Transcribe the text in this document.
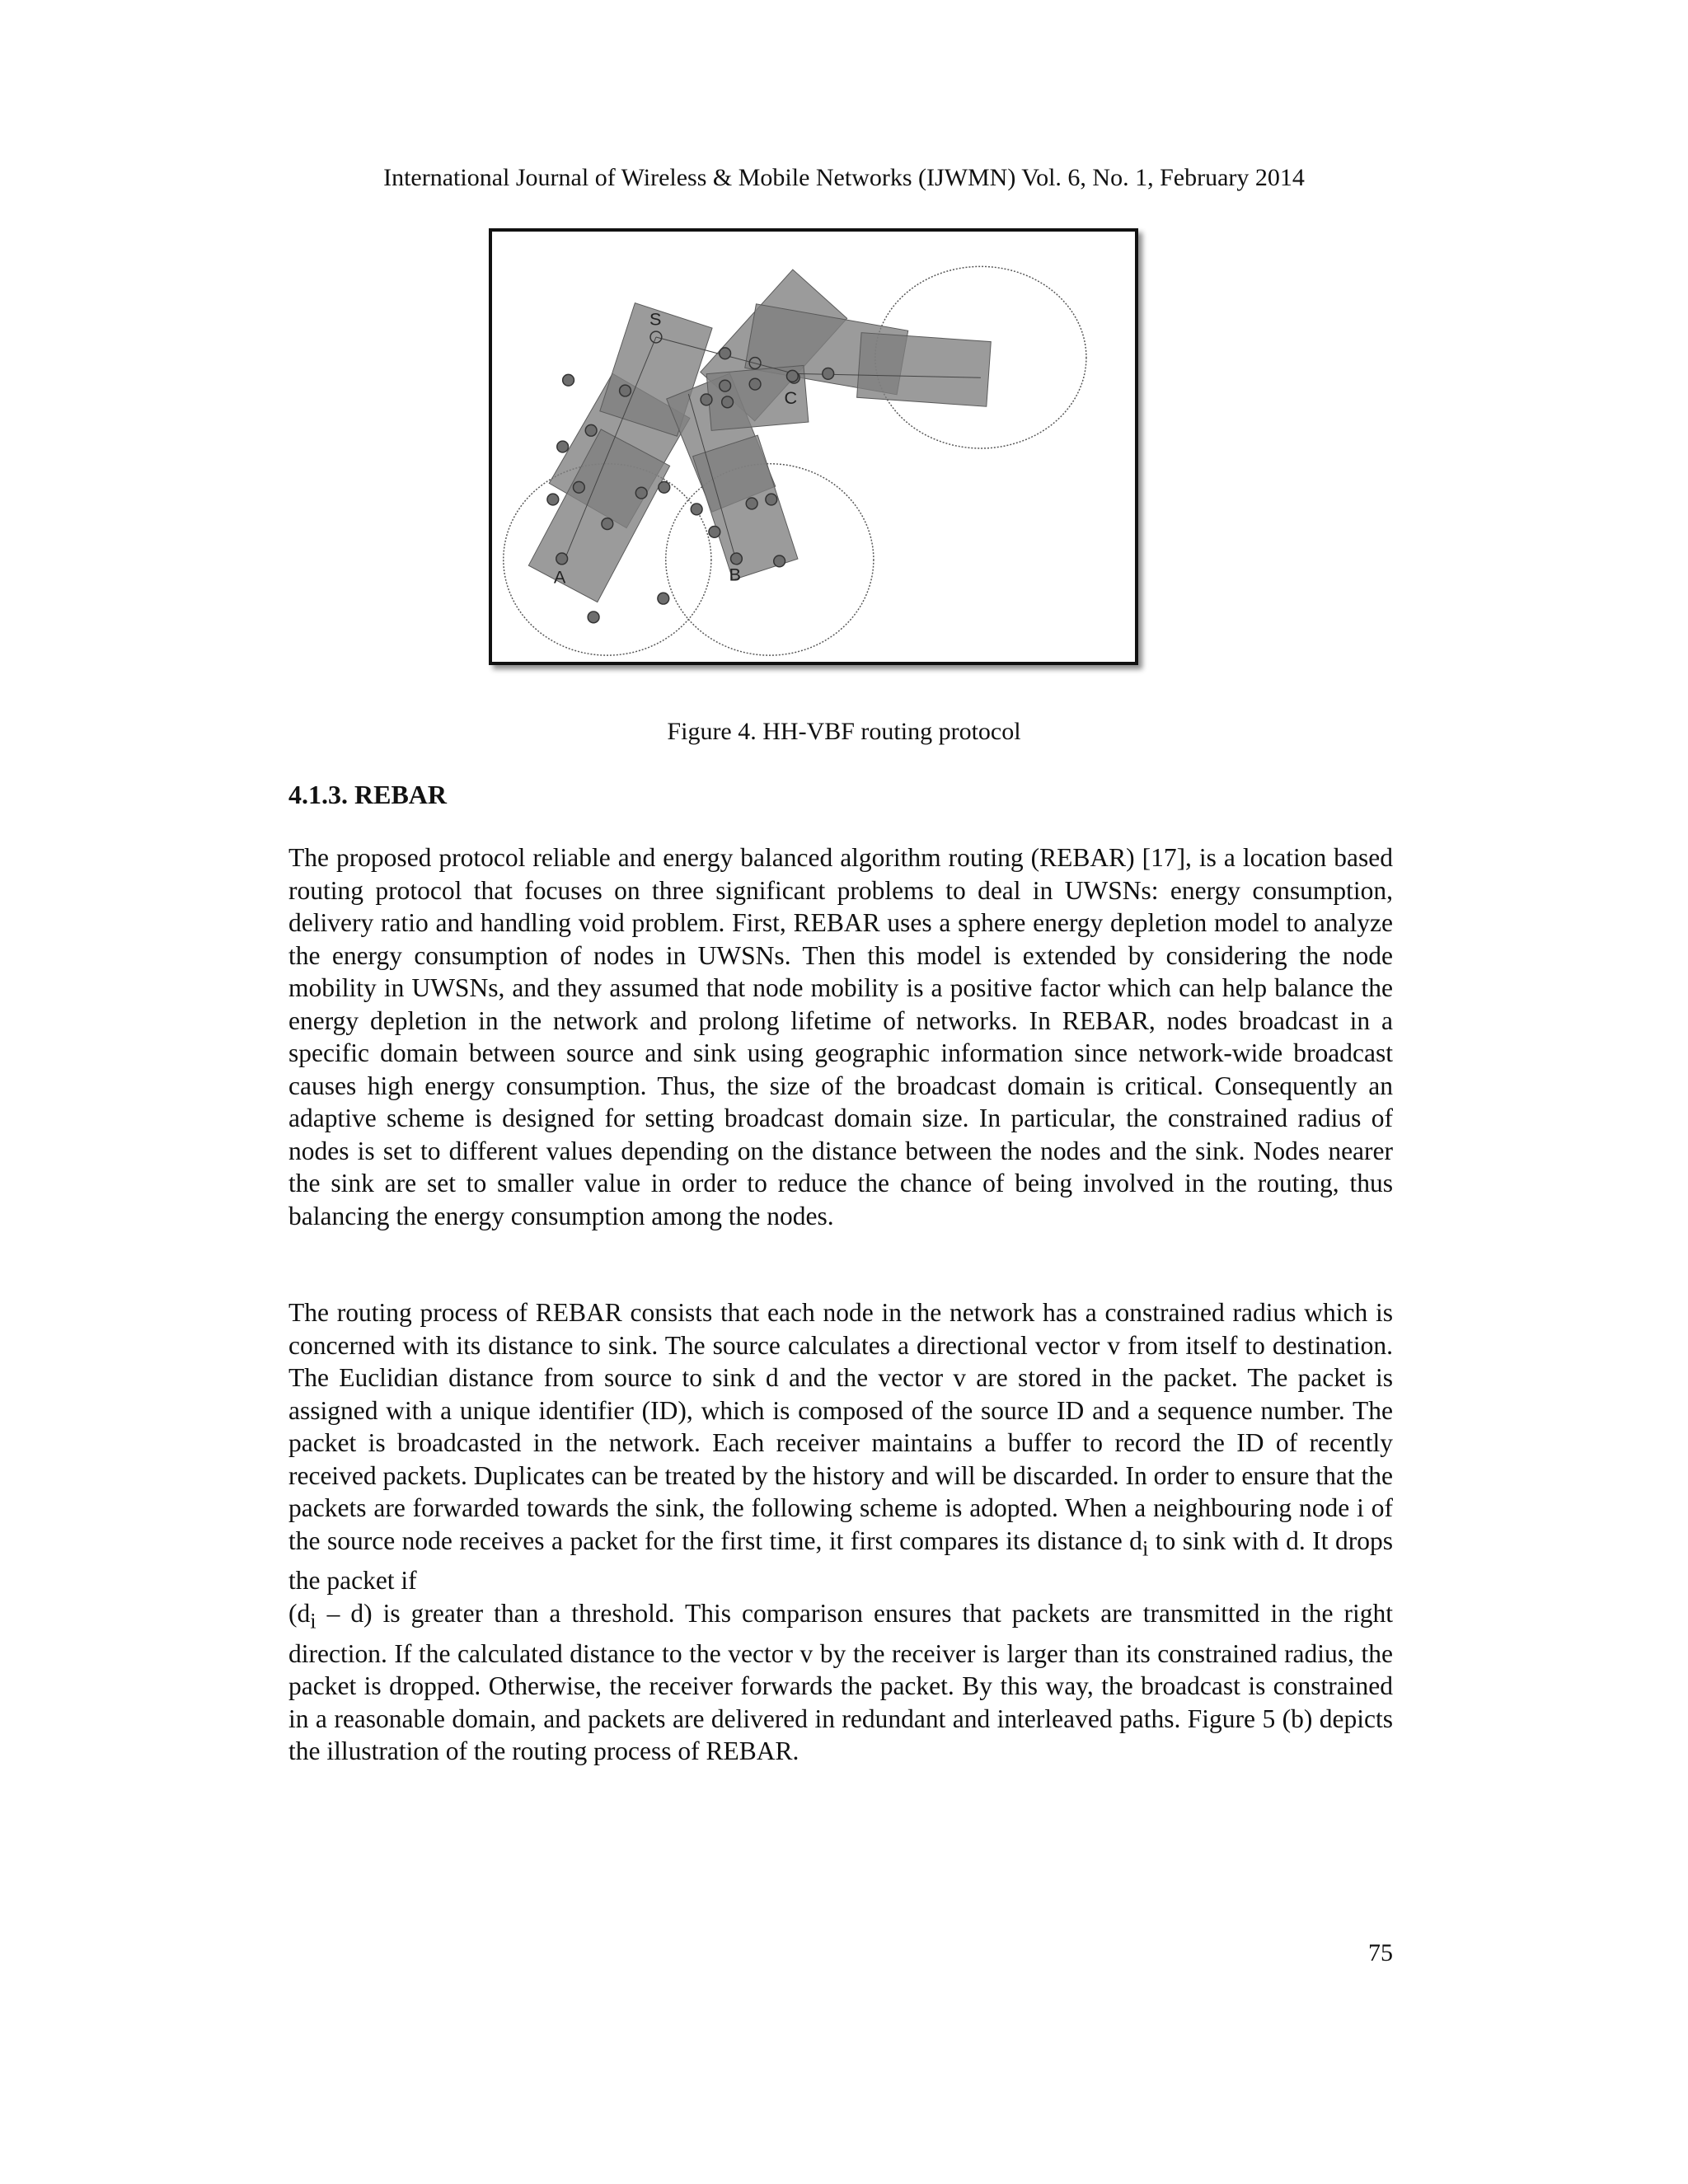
International Journal of Wireless & Mobile Networks (IJWMN) Vol. 6, No. 1, February 2014
S
A	B
C
Figure 4. HH-VBF routing protocol
4.1.3. REBAR

The proposed protocol reliable and energy balanced algorithm routing (REBAR) [17], is a location based routing protocol that focuses on three significant problems to deal in UWSNs: energy consumption, delivery ratio and handling void problem. First, REBAR uses a sphere energy depletion model to analyze the energy consumption of nodes in UWSNs. Then this model is extended by considering the node mobility in UWSNs, and they assumed that node mobility is a positive factor which can help balance the energy depletion in the network and prolong lifetime of networks. In REBAR, nodes broadcast in a specific domain between source and sink using geographic information since network-wide broadcast causes high energy consumption. Thus, the size of the broadcast domain is critical. Consequently an adaptive scheme is designed for setting broadcast domain size. In particular, the constrained radius of nodes is set to different values depending on the distance between the nodes and the sink. Nodes nearer the sink are set to smaller value in order to reduce the chance of being involved in the routing, thus balancing the energy consumption among the nodes.

The routing process of REBAR consists that each node in the network has a constrained radius which is concerned with its distance to sink. The source calculates a directional vector v from itself to destination. The Euclidian distance from source to sink d and the vector v are stored in the packet. The packet is assigned with a unique identifier (ID), which is composed of the source ID and a sequence number. The packet is broadcasted in the network. Each receiver maintains a buffer to record the ID of recently received packets. Duplicates can be treated by the history and will be discarded. In order to ensure that the packets are forwarded towards the sink, the following scheme is adopted. When a neighbouring node i of the source node receives a packet for the first time, it first compares its distance $d_i$ to sink with d. It drops the packet if
$(d_i - d)$ is greater than a threshold. This comparison ensures that packets are transmitted in the right direction. If the calculated distance to the vector v by the receiver is larger than its constrained radius, the packet is dropped. Otherwise, the receiver forwards the packet. By this way, the broadcast is constrained in a reasonable domain, and packets are delivered in redundant and interleaved paths. Figure 5 (b) depicts the illustration of the routing process of REBAR.

75
